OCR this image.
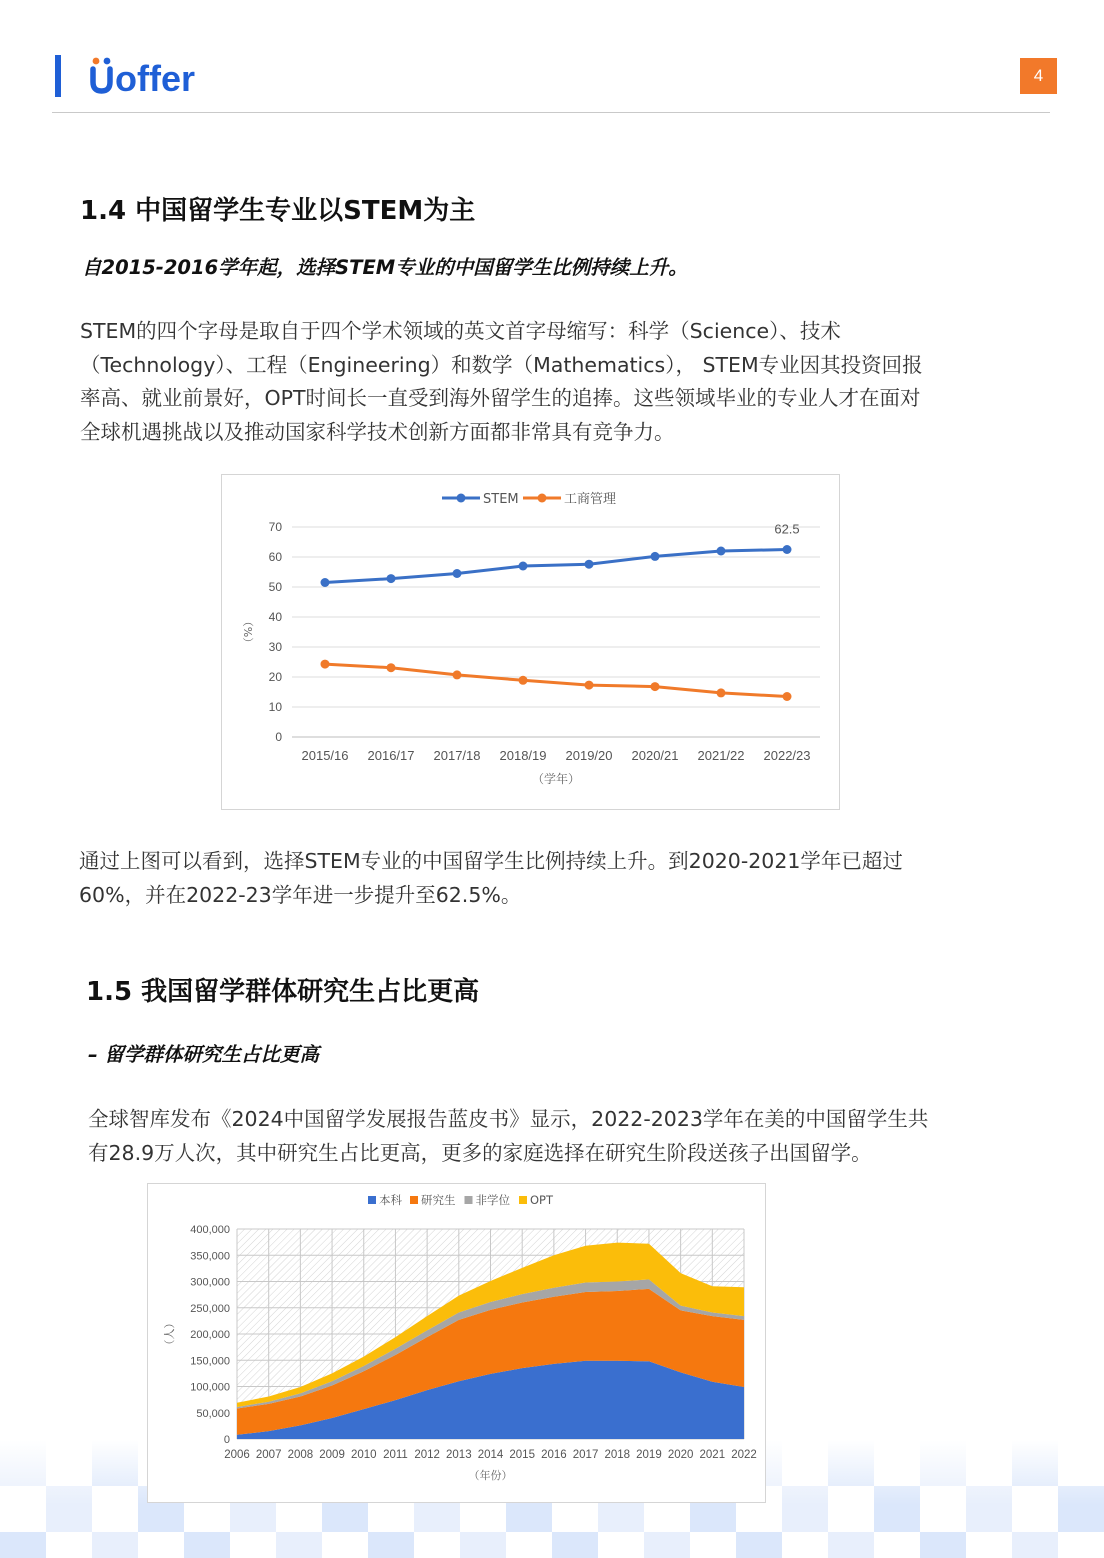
offer	4
1.4 中国留学生专业以STEM为主
自2015-2016学年起，选择STEM专业的中国留学生比例持续上升。
STEM的四个字母是取自于四个学术领域的英文首字母缩写：科学（Science）、技术
（Technology）、工程（Engineering）和数学（Mathematics）， STEM专业因其投资回报
率高、就业前景好，OPT时间长一直受到海外留学生的追捧。这些领域毕业的专业人才在面对
全球机遇挑战以及推动国家科学技术创新方面都非常具有竞争力。
0
10
20
30
40
50
60
70
2015/16 2016/17 2017/18 2018/19 2019/20 2020/21 2021/22 2022/23
（学年）
（%）
62.5
STEM	工商管理
通过上图可以看到，选择STEM专业的中国留学生比例持续上升。到2020-2021学年已超过
60%，并在2022-23学年进一步提升至62.5%。
1.5 我国留学群体研究生占比更高
– 留学群体研究生占比更高
全球智库发布《2024中国留学发展报告蓝皮书》显示，2022-2023学年在美的中国留学生共
有28.9万人次，其中研究生占比更高，更多的家庭选择在研究生阶段送孩子出国留学。
0
50,000
100,000
150,000
200,000
250,000
300,000
350,000
400,000
2006 2007 2008 2009 2010 2011 2012 2013 2014 2015 2016 2017 2018 2019 2020 2021 2022
（年份）
（人）
本科 研究生 非学位 OPT
